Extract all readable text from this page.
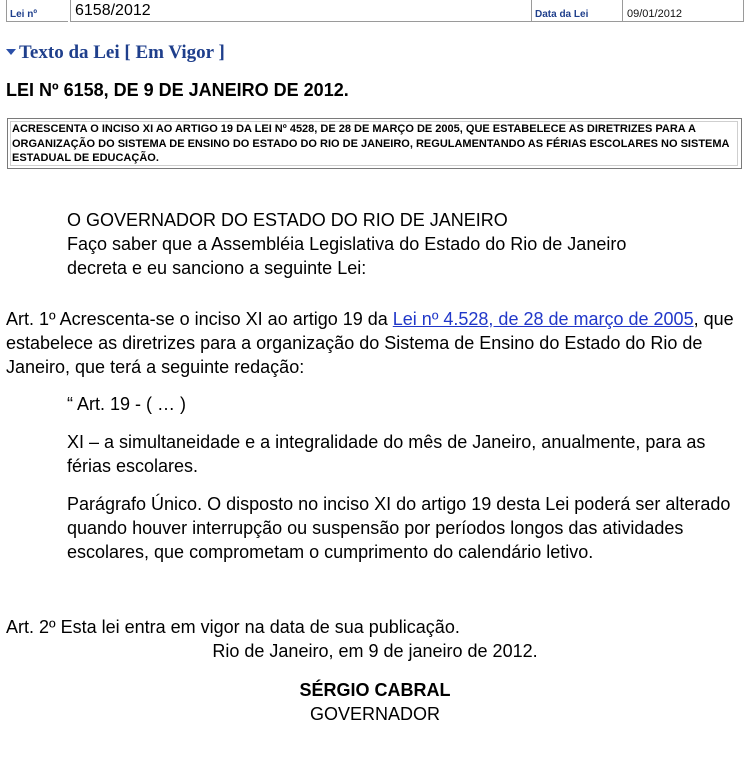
Lei nº	6158/2012	Data da Lei	09/01/2012
Texto da Lei [ Em Vigor ]
LEI Nº 6158, DE 9 DE JANEIRO DE 2012.
ACRESCENTA O INCISO XI AO ARTIGO 19 DA LEI Nº 4528, DE 28 DE MARÇO DE 2005, QUE ESTABELECE AS DIRETRIZES PARA A ORGANIZAÇÃO DO SISTEMA DE ENSINO DO ESTADO DO RIO DE JANEIRO, REGULAMENTANDO AS FÉRIAS ESCOLARES NO SISTEMA ESTADUAL DE EDUCAÇÃO.
O GOVERNADOR DO ESTADO DO RIO DE JANEIRO
Faço saber que a Assembléia Legislativa do Estado do Rio de Janeiro
decreta e eu sanciono a seguinte Lei:
Art. 1º Acrescenta-se o inciso XI ao artigo 19 da Lei nº 4.528, de 28 de março de 2005, que estabelece as diretrizes para a organização do Sistema de Ensino do Estado do Rio de Janeiro, que terá a seguinte redação:
“ Art. 19 - ( … )
XI – a simultaneidade e a integralidade do mês de Janeiro, anualmente, para as férias escolares.
Parágrafo Único. O disposto no inciso XI do artigo 19 desta Lei poderá ser alterado quando houver interrupção ou suspensão por períodos longos das atividades escolares, que comprometam o cumprimento do calendário letivo.
Art. 2º Esta lei entra em vigor na data de sua publicação.
Rio de Janeiro, em 9 de janeiro de 2012.
SÉRGIO CABRAL
GOVERNADOR
